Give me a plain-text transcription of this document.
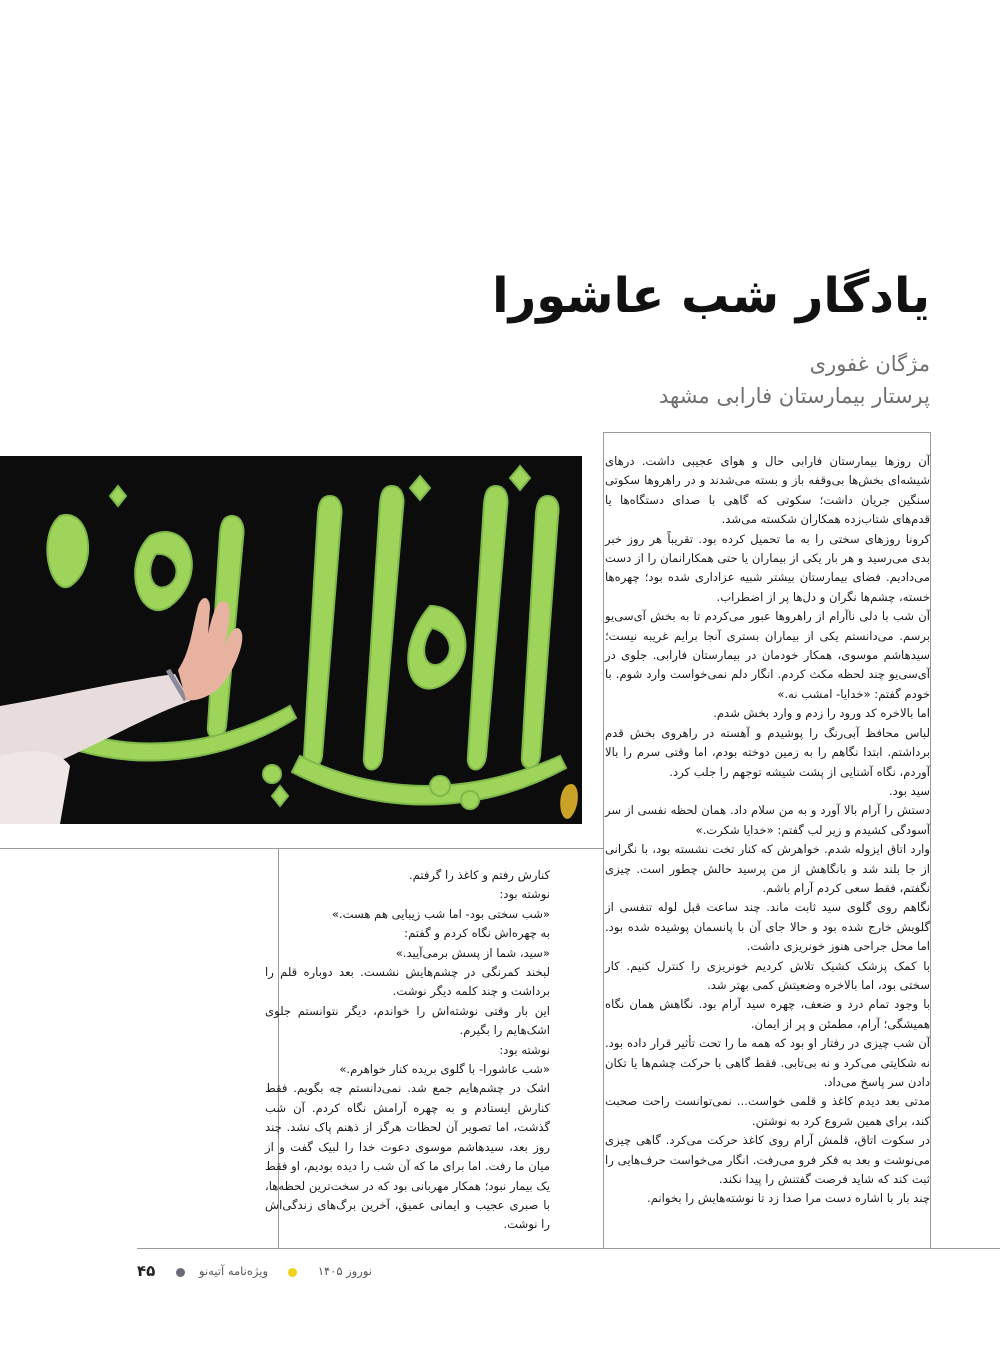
یادگار شب عاشورا
مژگان غفوری
پرستار بیمارستان فارابی مشهد

آن روزها بیمارستان فارابی حال و هوای عجیبی داشت. درهای شیشه‌ای بخش‌ها بی‌وقفه باز و بسته می‌شدند و در راهروها سکوتی سنگین جریان داشت؛ سکوتی که گاهی با صدای دستگاه‌ها یا قدم‌های شتاب‌زده همکاران شکسته می‌شد.

کرونا روزهای سختی را به ما تحمیل کرده بود. تقریباً هر روز خبر بدی می‌رسید و هر بار یکی از بیماران یا حتی همکارانمان را از دست می‌دادیم. فضای بیمارستان بیشتر شبیه عزاداری شده بود؛ چهره‌ها خسته، چشم‌ها نگران و دل‌ها پر از اضطراب.

آن شب با دلی ناآرام از راهروها عبور می‌کردم تا به بخش آی‌سی‌یو برسم. می‌دانستم یکی از بیماران بستری آنجا برایم غریبه نیست؛ سیدهاشم موسوی، همکار خودمان در بیمارستان فارابی. جلوی در آی‌سی‌یو چند لحظه مکث کردم. انگار دلم نمی‌خواست وارد شوم. با خودم گفتم: «خدایا- امشب نه.»

اما بالاخره کد ورود را زدم و وارد بخش شدم.

لباس محافظ آبی‌رنگ را پوشیدم و آهسته در راهروی بخش قدم برداشتم. ابتدا نگاهم را به زمین دوخته بودم، اما وقتی سرم را بالا آوردم، نگاه آشنایی از پشت شیشه توجهم را جلب کرد.

سید بود.

دستش را آرام بالا آورد و به من سلام داد. همان لحظه نفسی از سر آسودگی کشیدم و زیر لب گفتم: «خدایا شکرت.»

وارد اتاق ایزوله شدم. خواهرش که کنار تخت نشسته بود، با نگرانی از جا بلند شد و بانگاهش از من پرسید حالش چطور است. چیزی نگفتم، فقط سعی کردم آرام باشم.

نگاهم روی گلوی سید ثابت ماند. چند ساعت قبل لوله تنفسی از گلویش خارج شده بود و حالا جای آن با پانسمان پوشیده شده بود. اما محل جراحی هنوز خونریزی داشت.

با کمک پزشک کشیک تلاش کردیم خونریزی را کنترل کنیم. کار سختی بود، اما بالاخره وضعیتش کمی بهتر شد.

با وجود تمام درد و ضعف، چهره سید آرام بود. نگاهش همان نگاه همیشگی؛ آرام، مطمئن و پر از ایمان.

آن شب چیزی در رفتار او بود که همه ما را تحت تأثیر قرار داده بود. نه شکایتی می‌کرد و نه بی‌تابی. فقط گاهی با حرکت چشم‌ها یا تکان دادن سر پاسخ می‌داد.

مدتی بعد دیدم کاغذ و قلمی خواست... نمی‌توانست راحت صحبت کند، برای همین شروع کرد به نوشتن.

در سکوت اتاق، قلمش آرام روی کاغذ حرکت می‌کرد. گاهی چیزی می‌نوشت و بعد به فکر فرو می‌رفت. انگار می‌خواست حرف‌هایی را ثبت کند که شاید فرصت گفتنش را پیدا نکند.

چند بار با اشاره دست مرا صدا زد تا نوشته‌هایش را بخوانم.

کنارش رفتم و کاغذ را گرفتم.

نوشته بود:

«شب سختی بود- اما شب زیبایی هم هست.»

به چهره‌اش نگاه کردم و گفتم:

«سید، شما از پسش برمی‌آیید.»

لبخند کمرنگی در چشم‌هایش نشست. بعد دوباره قلم را برداشت و چند کلمه دیگر نوشت.

این بار وقتی نوشته‌اش را خواندم، دیگر نتوانستم جلوی اشک‌هایم را بگیرم.

نوشته بود:

«شب عاشورا- با گلوی بریده کنار خواهرم.»

اشک در چشم‌هایم جمع شد. نمی‌دانستم چه بگویم. فقط کنارش ایستادم و به چهره آرامش نگاه کردم. آن شب گذشت، اما تصویر آن لحظات هرگز از ذهنم پاک نشد. چند روز بعد، سیدهاشم موسوی دعوت خدا را لبیک گفت و از میان ما رفت. اما برای ما که آن شب را دیده بودیم، او فقط یک بیمار نبود؛ همکار مهربانی بود که در سخت‌ترین لحظه‌ها، با صبری عجیب و ایمانی عمیق، آخرین برگ‌های زندگی‌اش را نوشت.

نوروز ۱۴۰۵
ویژه‌نامه آتیه‌نو
۴۵
